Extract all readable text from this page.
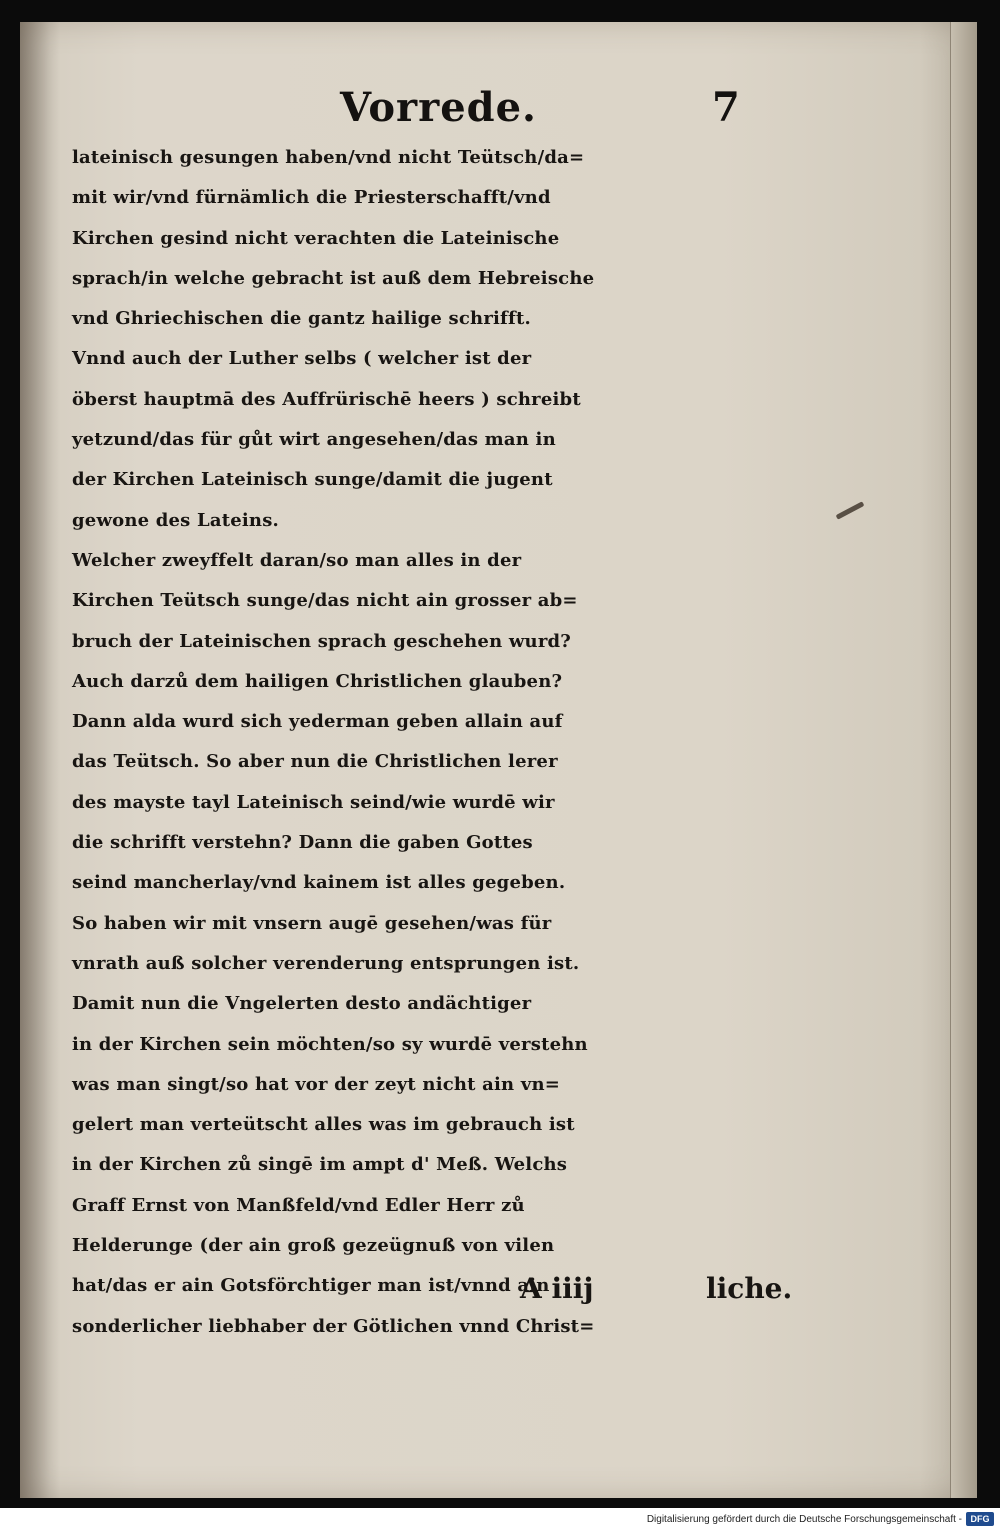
Vorrede.	7
lateinisch gesungen haben/vnd nicht Teütsch/da=
mit wir/vnd fürnämlich die Priesterschafft/vnd
Kirchen gesind nicht verachten die Lateinische
sprach/in welche gebracht ist auß dem Hebreische
vnd Ghriechischen die gantz hailige schrifft.
Vnnd auch der Luther selbs ( welcher ist der
öberst hauptmā des Auffrürischē heers ) schreibt
yetzund/das für gůt wirt angesehen/das man in
der Kirchen Lateinisch sunge/damit die jugent
gewone des Lateins.
Welcher zweyffelt daran/so man alles in der
Kirchen Teütsch sunge/das nicht ain grosser ab=
bruch der Lateinischen sprach geschehen wurd?
Auch darzů dem hailigen Christlichen glauben?
Dann alda wurd sich yederman geben allain auf
das Teütsch. So aber nun die Christlichen lerer
des mayste tayl Lateinisch seind/wie wurdē wir
die schrifft verstehn? Dann die gaben Gottes
seind mancherlay/vnd kainem ist alles gegeben.
So haben wir mit vnsern augē gesehen/was für
vnrath auß solcher verenderung entsprungen ist.
Damit nun die Vngelerten desto andächtiger
in der Kirchen sein möchten/so sy wurdē verstehn
was man singt/so hat vor der zeyt nicht ain vn=
gelert man verteütscht alles was im gebrauch ist
in der Kirchen zů singē im ampt d' Meß. Welchs
Graff Ernst von Manßfeld/vnd Edler Herr zů
Helderunge (der ain groß gezeügnuß von vilen
hat/das er ain Gotsförchtiger man ist/vnnd ain
sonderlicher liebhaber der Götlichen vnnd Christ=
A iiij	liche.
Digitalisierung gefördert durch die Deutsche Forschungsgemeinschaft - DFG
